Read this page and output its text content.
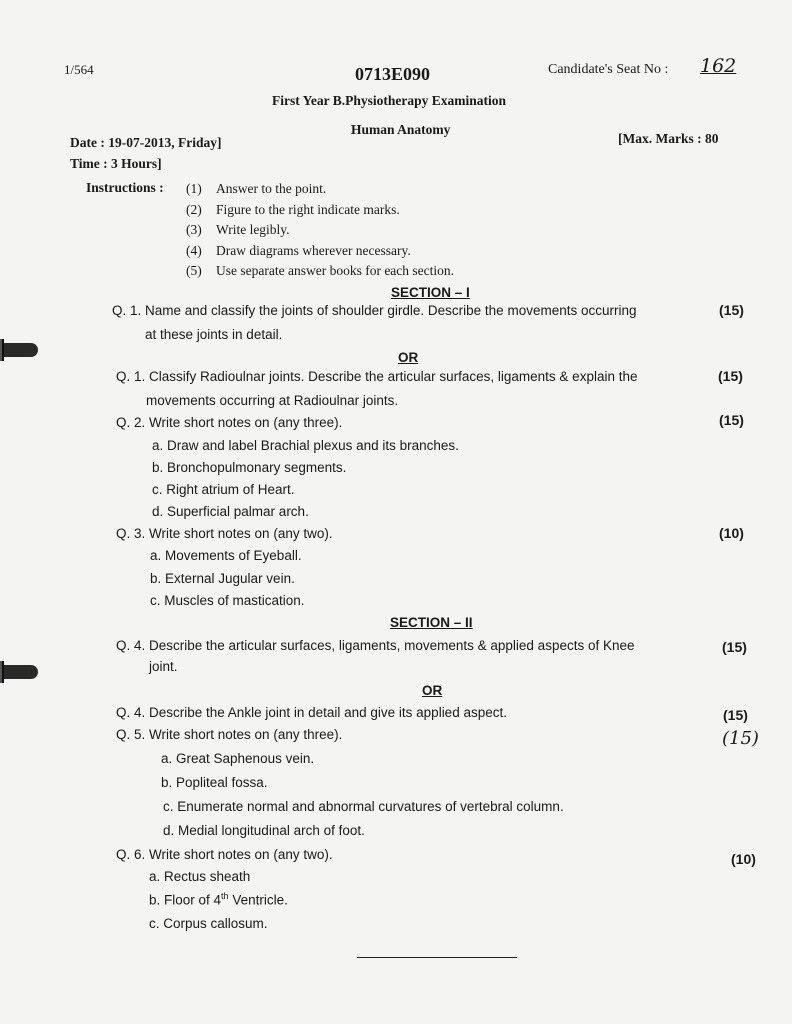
1/564	0713E090	Candidate's Seat No : 162
First Year B.Physiotherapy Examination
Human Anatomy
Date : 19-07-2013, Friday]	[Max. Marks : 80
Time : 3 Hours]
Instructions : (1) Answer to the point.
(2) Figure to the right indicate marks.
(3) Write legibly.
(4) Draw diagrams wherever necessary.
(5) Use separate answer books for each section.
SECTION – I
Q. 1. Name and classify the joints of shoulder girdle. Describe the movements occurring
at these joints in detail.
(15)
OR
Q. 1. Classify Radioulnar joints. Describe the articular surfaces, ligaments & explain the
movements occurring at Radioulnar joints.
(15)
Q. 2. Write short notes on (any three).	(15)
a. Draw and label Brachial plexus and its branches.
b. Bronchopulmonary segments.
c. Right atrium of Heart.
d. Superficial palmar arch.
Q. 3. Write short notes on (any two).	(10)
a. Movements of Eyeball.
b. External Jugular vein.
c. Muscles of mastication.
SECTION – II
Q. 4. Describe the articular surfaces, ligaments, movements & applied aspects of Knee
joint.
(15)
OR
Q. 4. Describe the Ankle joint in detail and give its applied aspect.	(15)
Q. 5. Write short notes on (any three).	(15)
a. Great Saphenous vein.
b. Popliteal fossa.
c. Enumerate normal and abnormal curvatures of vertebral column.
d. Medial longitudinal arch of foot.
Q. 6. Write short notes on (any two).	(10)
a. Rectus sheath
b. Floor of 4th Ventricle.
c. Corpus callosum.
